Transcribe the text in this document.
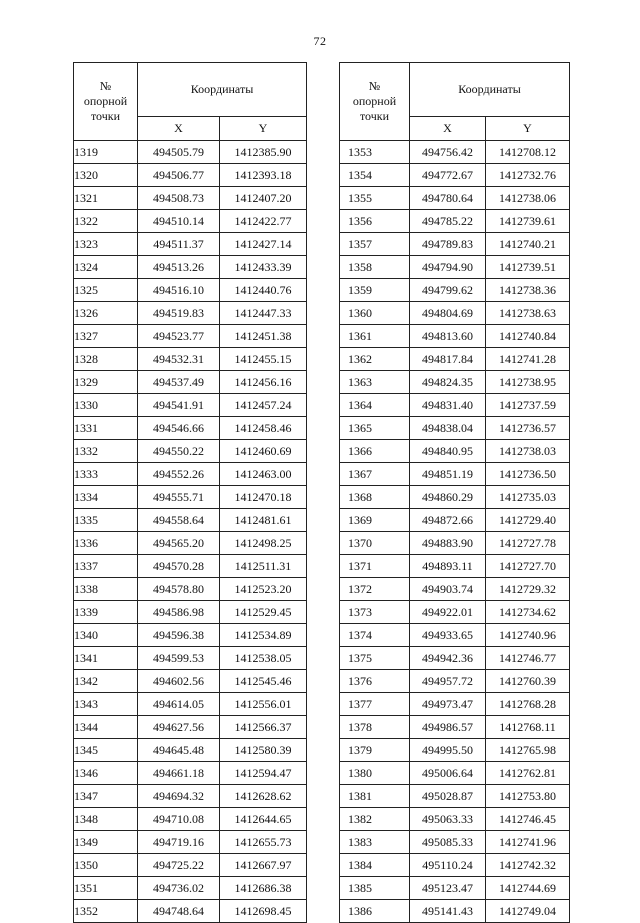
72
№
опорной
точки	Координаты	
	X	Y
1319	494505.79	1412385.90
1320	494506.77	1412393.18
1321	494508.73	1412407.20
1322	494510.14	1412422.77
1323	494511.37	1412427.14
1324	494513.26	1412433.39
1325	494516.10	1412440.76
1326	494519.83	1412447.33
1327	494523.77	1412451.38
1328	494532.31	1412455.15
1329	494537.49	1412456.16
1330	494541.91	1412457.24
1331	494546.66	1412458.46
1332	494550.22	1412460.69
1333	494552.26	1412463.00
1334	494555.71	1412470.18
1335	494558.64	1412481.61
1336	494565.20	1412498.25
1337	494570.28	1412511.31
1338	494578.80	1412523.20
1339	494586.98	1412529.45
1340	494596.38	1412534.89
1341	494599.53	1412538.05
1342	494602.56	1412545.46
1343	494614.05	1412556.01
1344	494627.56	1412566.37
1345	494645.48	1412580.39
1346	494661.18	1412594.47
1347	494694.32	1412628.62
1348	494710.08	1412644.65
1349	494719.16	1412655.73
1350	494725.22	1412667.97
1351	494736.02	1412686.38
1352	494748.64	1412698.45
№
опорной
точки	Координаты	
	X	Y
1353	494756.42	1412708.12
1354	494772.67	1412732.76
1355	494780.64	1412738.06
1356	494785.22	1412739.61
1357	494789.83	1412740.21
1358	494794.90	1412739.51
1359	494799.62	1412738.36
1360	494804.69	1412738.63
1361	494813.60	1412740.84
1362	494817.84	1412741.28
1363	494824.35	1412738.95
1364	494831.40	1412737.59
1365	494838.04	1412736.57
1366	494840.95	1412738.03
1367	494851.19	1412736.50
1368	494860.29	1412735.03
1369	494872.66	1412729.40
1370	494883.90	1412727.78
1371	494893.11	1412727.70
1372	494903.74	1412729.32
1373	494922.01	1412734.62
1374	494933.65	1412740.96
1375	494942.36	1412746.77
1376	494957.72	1412760.39
1377	494973.47	1412768.28
1378	494986.57	1412768.11
1379	494995.50	1412765.98
1380	495006.64	1412762.81
1381	495028.87	1412753.80
1382	495063.33	1412746.45
1383	495085.33	1412741.96
1384	495110.24	1412742.32
1385	495123.47	1412744.69
1386	495141.43	1412749.04
